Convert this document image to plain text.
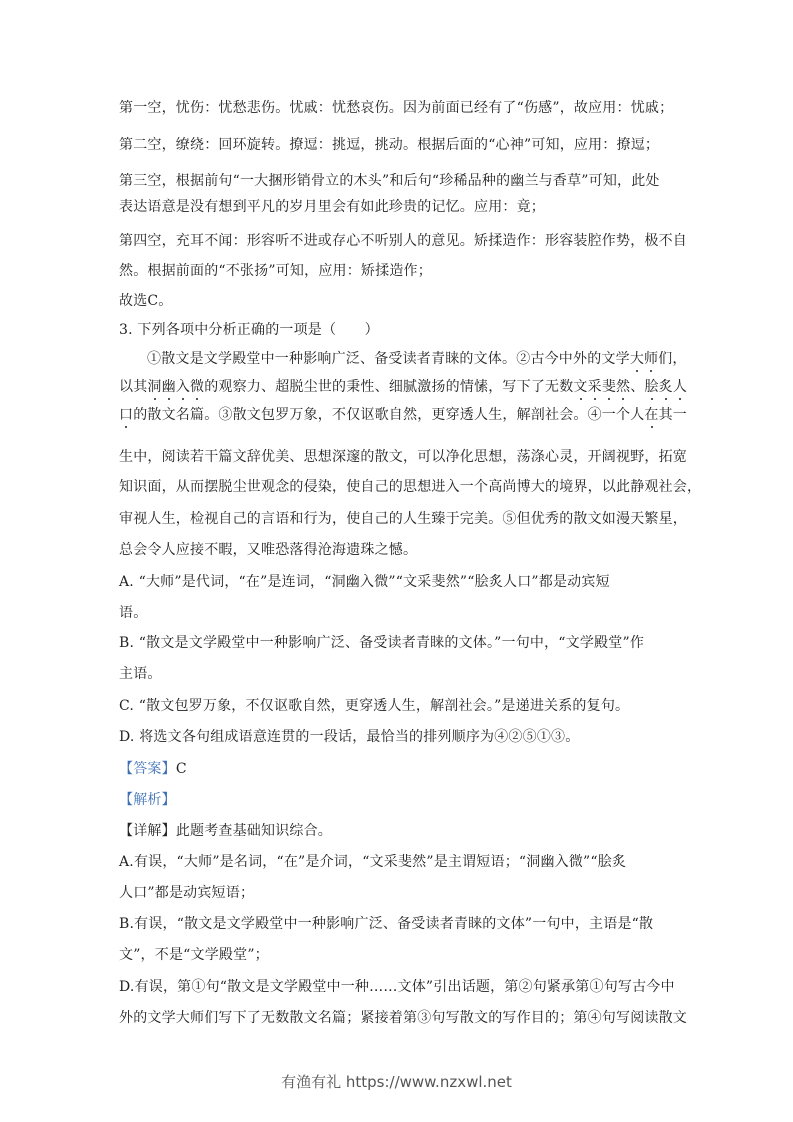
第一空，忧伤：忧愁悲伤。忧戚：忧愁哀伤。因为前面已经有了“伤感”，故应用：忧戚；
第二空，缭绕：回环旋转。撩逗：挑逗，挑动。根据后面的“心神”可知，应用：撩逗；
第三空，根据前句“一大捆形销骨立的木头”和后句“珍稀品种的幽兰与香草”可知，此处
表达语意是没有想到平凡的岁月里会有如此珍贵的记忆。应用：竟；
第四空，充耳不闻：形容听不进或存心不听别人的意见。矫揉造作：形容装腔作势，极不自
然。根据前面的“不张扬”可知，应用：矫揉造作；
故选C。
3. 下列各项中分析正确的一项是（　　）
①散文是文学殿堂中一种影响广泛、备受读者青睐的文体。②古今中外的文学大师们，
以其洞幽入微的观察力、超脱尘世的秉性、细腻激扬的情愫，写下了无数文采斐然、脍炙人
口的散文名篇。③散文包罗万象，不仅讴歌自然，更穿透人生，解剖社会。④一个人在其一
生中，阅读若干篇文辞优美、思想深邃的散文，可以净化思想，荡涤心灵，开阔视野，拓宽
知识面，从而摆脱尘世观念的侵染，使自己的思想进入一个高尚博大的境界，以此静观社会，
审视人生，检视自己的言语和行为，使自己的人生臻于完美。⑤但优秀的散文如漫天繁星，
总会令人应接不暇，又唯恐落得沧海遗珠之憾。
A. “大师”是代词，“在”是连词，“洞幽入微”“文采斐然”“脍炙人口”都是动宾短
语。
B. “散文是文学殿堂中一种影响广泛、备受读者青睐的文体。”一句中，“文学殿堂”作
主语。
C. “散文包罗万象，不仅讴歌自然，更穿透人生，解剖社会。”是递进关系的复句。
D. 将选文各句组成语意连贯的一段话，最恰当的排列顺序为④②⑤①③。
【答案】C
【解析】
【详解】此题考查基础知识综合。
A.有误，“大师”是名词，“在”是介词，“文采斐然”是主谓短语；“洞幽入微”“脍炙
人口”都是动宾短语；
B.有误，“散文是文学殿堂中一种影响广泛、备受读者青睐的文体”一句中，主语是“散
文”，不是“文学殿堂”；
D.有误，第①句“散文是文学殿堂中一种……文体”引出话题，第②句紧承第①句写古今中
外的文学大师们写下了无数散文名篇；紧接着第③句写散文的写作目的；第④句写阅读散文
有渔有礼 https://www.nzxwl.net
